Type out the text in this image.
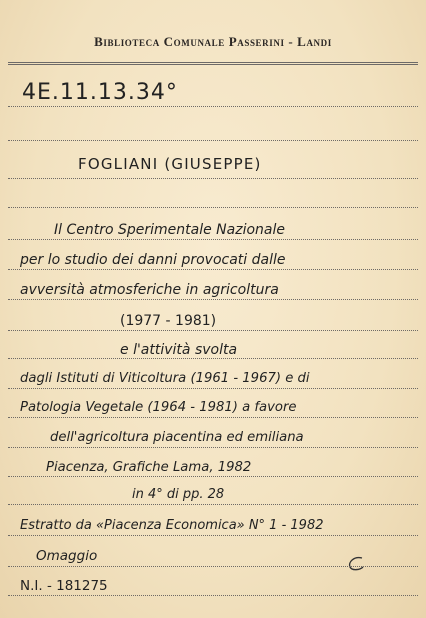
Biblioteca Comunale Passerini - Landi
4E.11.13.34°
FOGLIANI (GIUSEPPE)
Il Centro Sperimentale Nazionale
per lo studio dei danni provocati dalle
avversità atmosferiche in agricoltura
(1977 - 1981)
e l'attività svolta
dagli Istituti di Viticoltura (1961 - 1967) e di
Patologia Vegetale (1964 - 1981) a favore
dell'agricoltura piacentina ed emiliana
Piacenza, Grafiche Lama, 1982
in 4° di pp. 28
Estratto da «Piacenza Economica» N° 1 - 1982
Omaggio
N.I. - 181275
